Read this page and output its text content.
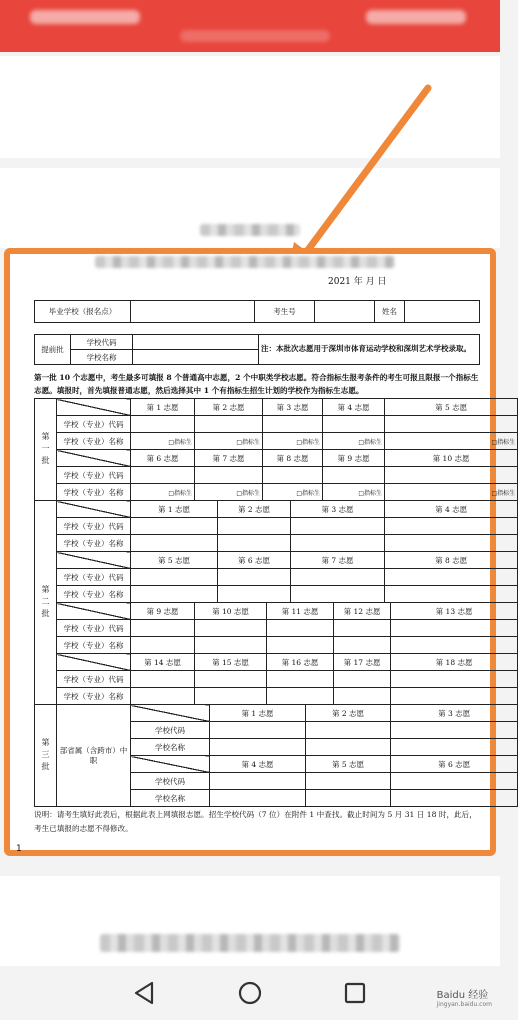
2021 年 月 日
毕业学校（报名点）		考生号		姓名	
提前批	学校代码		注：本批次志愿用于深圳市体育运动学校和深圳艺术学校录取。
	学校名称		
第一批 10 个志愿中，考生最多可填报 8 个普通高中志愿，2 个中职类学校志愿。符合指标生报考条件的考生可报且限报一个指标生志愿。填报时，首先填报普通志愿，然后选择其中 1 个有指标生招生计划的学校作为指标生志愿。
第一批		第 1 志愿	第 2 志愿			第 3 志愿				第 4 志愿		第 5 志愿	
	学校（专业）代码												
	学校（专业）名称	□指标生	□指标生			□指标生				□指标生		□指标生	
		第 6 志愿	第 7 志愿			第 8 志愿				第 9 志愿		第 10 志愿	
	学校（专业）代码												
	学校（专业）名称	□指标生	□指标生			□指标生				□指标生		□指标生	
第二批		第 1 志愿			第 2 志愿			第 3 志愿				第 4 志愿	
	学校（专业）代码												
	学校（专业）名称												
		第 5 志愿			第 6 志愿			第 7 志愿				第 8 志愿	
	学校（专业）代码												
	学校（专业）名称												
		第 9 志愿	第 10 志愿				第 11 志愿				第 12 志愿		第 13 志愿
	学校（专业）代码												
	学校（专业）名称												
		第 14 志愿	第 15 志愿				第 16 志愿				第 17 志愿		第 18 志愿
	学校（专业）代码												
	学校（专业）名称												
第三批	部省属（含跨市）中职			第 1 志愿					第 2 志愿				第 3 志愿
		学校代码											
		学校名称											
				第 4 志愿					第 5 志愿				第 6 志愿
		学校代码											
		学校名称											
说明：请考生填好此表后，根据此表上网填报志愿。招生学校代码（7 位）在附件 1 中查找。截止时间为 5 月 31 日 18 时，此后，考生已填报的志愿不得修改。
1
Baidu 经验
jingyan.baidu.com
